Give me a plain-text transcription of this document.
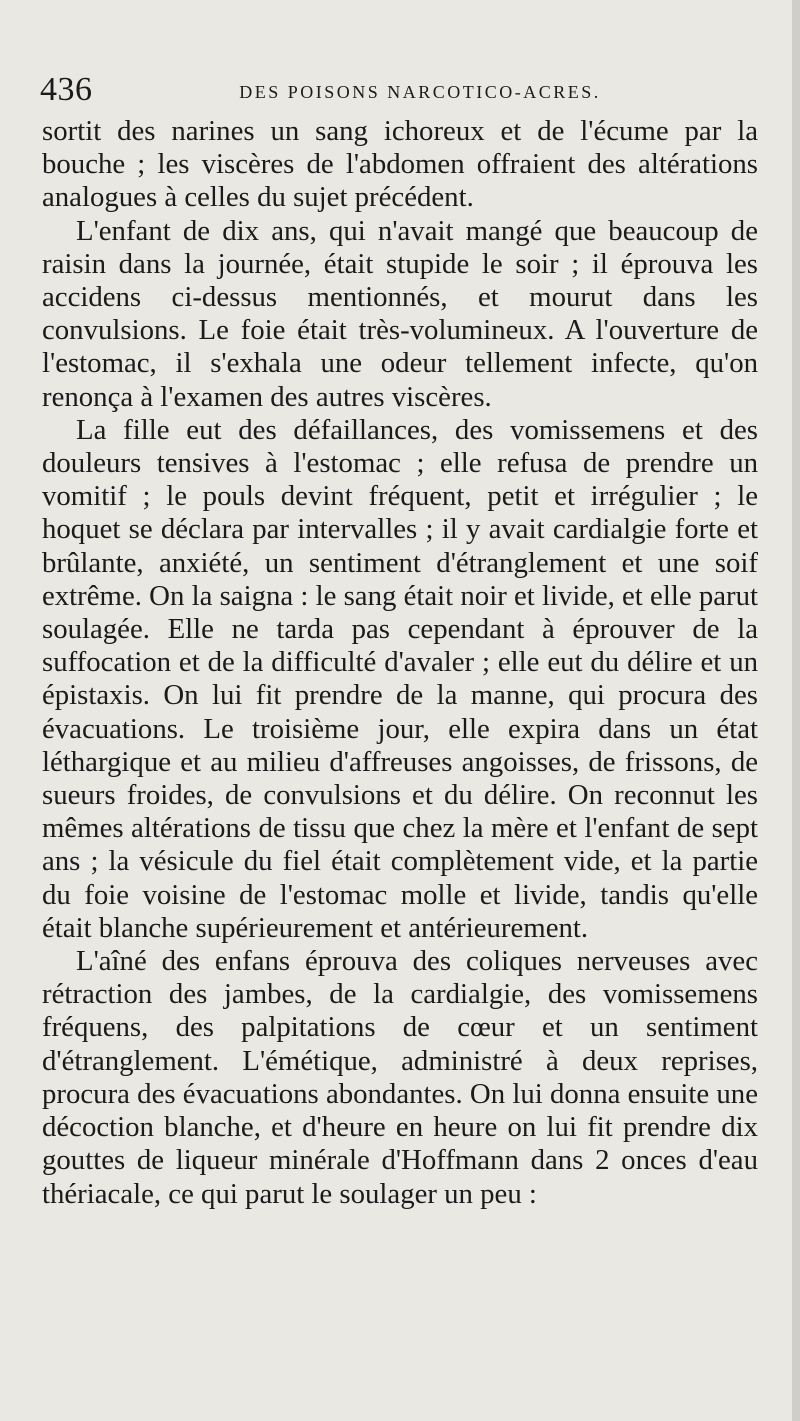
436	DES POISONS NARCOTICO-ACRES.

sortit des narines un sang ichoreux et de l'écume par la bouche ; les viscères de l'abdomen offraient des altérations analogues à celles du sujet précédent.

L'enfant de dix ans, qui n'avait mangé que beaucoup de raisin dans la journée, était stupide le soir ; il éprouva les accidens ci-dessus mentionnés, et mourut dans les convulsions. Le foie était très-volumineux. A l'ouverture de l'estomac, il s'exhala une odeur tellement infecte, qu'on renonça à l'examen des autres viscères.

La fille eut des défaillances, des vomissemens et des douleurs tensives à l'estomac ; elle refusa de prendre un vomitif ; le pouls devint fréquent, petit et irrégulier ; le hoquet se déclara par intervalles ; il y avait cardialgie forte et brûlante, anxiété, un sentiment d'étranglement et une soif extrême. On la saigna : le sang était noir et livide, et elle parut soulagée. Elle ne tarda pas cependant à éprouver de la suffocation et de la difficulté d'avaler ; elle eut du délire et un épistaxis. On lui fit prendre de la manne, qui procura des évacuations. Le troisième jour, elle expira dans un état léthargique et au milieu d'affreuses angoisses, de frissons, de sueurs froides, de convulsions et du délire. On reconnut les mêmes altérations de tissu que chez la mère et l'enfant de sept ans ; la vésicule du fiel était complètement vide, et la partie du foie voisine de l'estomac molle et livide, tandis qu'elle était blanche supérieurement et antérieurement.

L'aîné des enfans éprouva des coliques nerveuses avec rétraction des jambes, de la cardialgie, des vomissemens fréquens, des palpitations de cœur et un sentiment d'étranglement. L'émétique, administré à deux reprises, procura des évacuations abondantes. On lui donna ensuite une décoction blanche, et d'heure en heure on lui fit prendre dix gouttes de liqueur minérale d'Hoffmann dans 2 onces d'eau thériacale, ce qui parut le soulager un peu :
